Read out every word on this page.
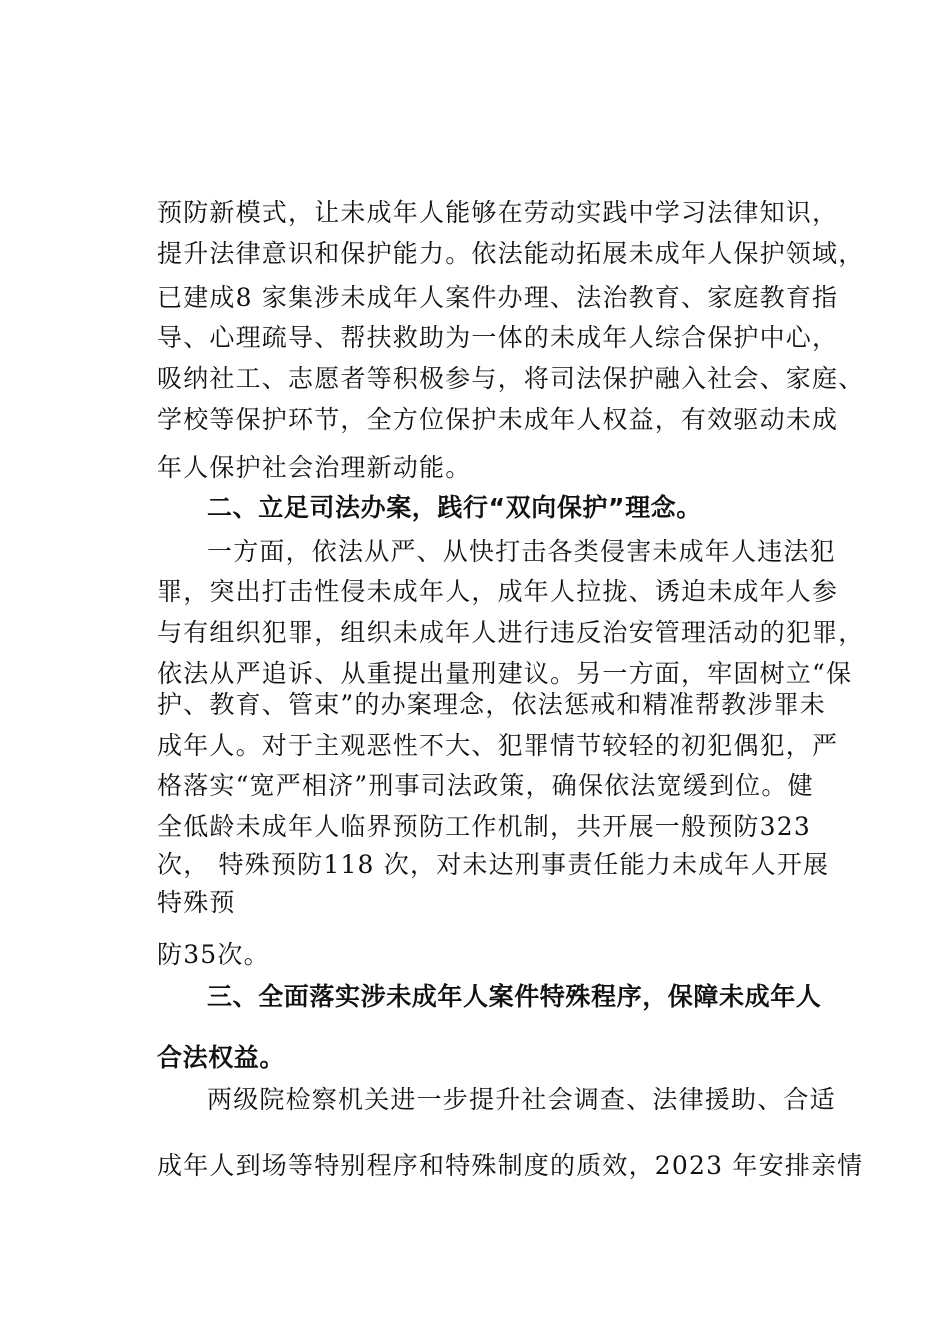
预防新模式，让未成年人能够在劳动实践中学习法律知识，
提升法律意识和保护能力。依法能动拓展未成年人保护领域，
已建成8 家集涉未成年人案件办理、法治教育、家庭教育指
导、心理疏导、帮扶救助为一体的未成年人综合保护中心，
吸纳社工、志愿者等积极参与，将司法保护融入社会、家庭、
学校等保护环节，全方位保护未成年人权益，有效驱动未成
年人保护社会治理新动能。
二、立足司法办案，践行“双向保护”理念。
一方面，依法从严、从快打击各类侵害未成年人违法犯
罪，突出打击性侵未成年人，成年人拉拢、诱迫未成年人参
与有组织犯罪，组织未成年人进行违反治安管理活动的犯罪，
依法从严追诉、从重提出量刑建议。另一方面，牢固树立“保
护、教育、管束”的办案理念，依法惩戒和精准帮教涉罪未
成年人。对于主观恶性不大、犯罪情节较轻的初犯偶犯，严
格落实“宽严相济”刑事司法政策，确保依法宽缓到位。健
全低龄未成年人临界预防工作机制，共开展一般预防323
次， 特殊预防118 次，对未达刑事责任能力未成年人开展
特殊预
防35次。
三、全面落实涉未成年人案件特殊程序，保障未成年人
合法权益。
两级院检察机关进一步提升社会调查、法律援助、合适
成年人到场等特别程序和特殊制度的质效，2023 年安排亲情
